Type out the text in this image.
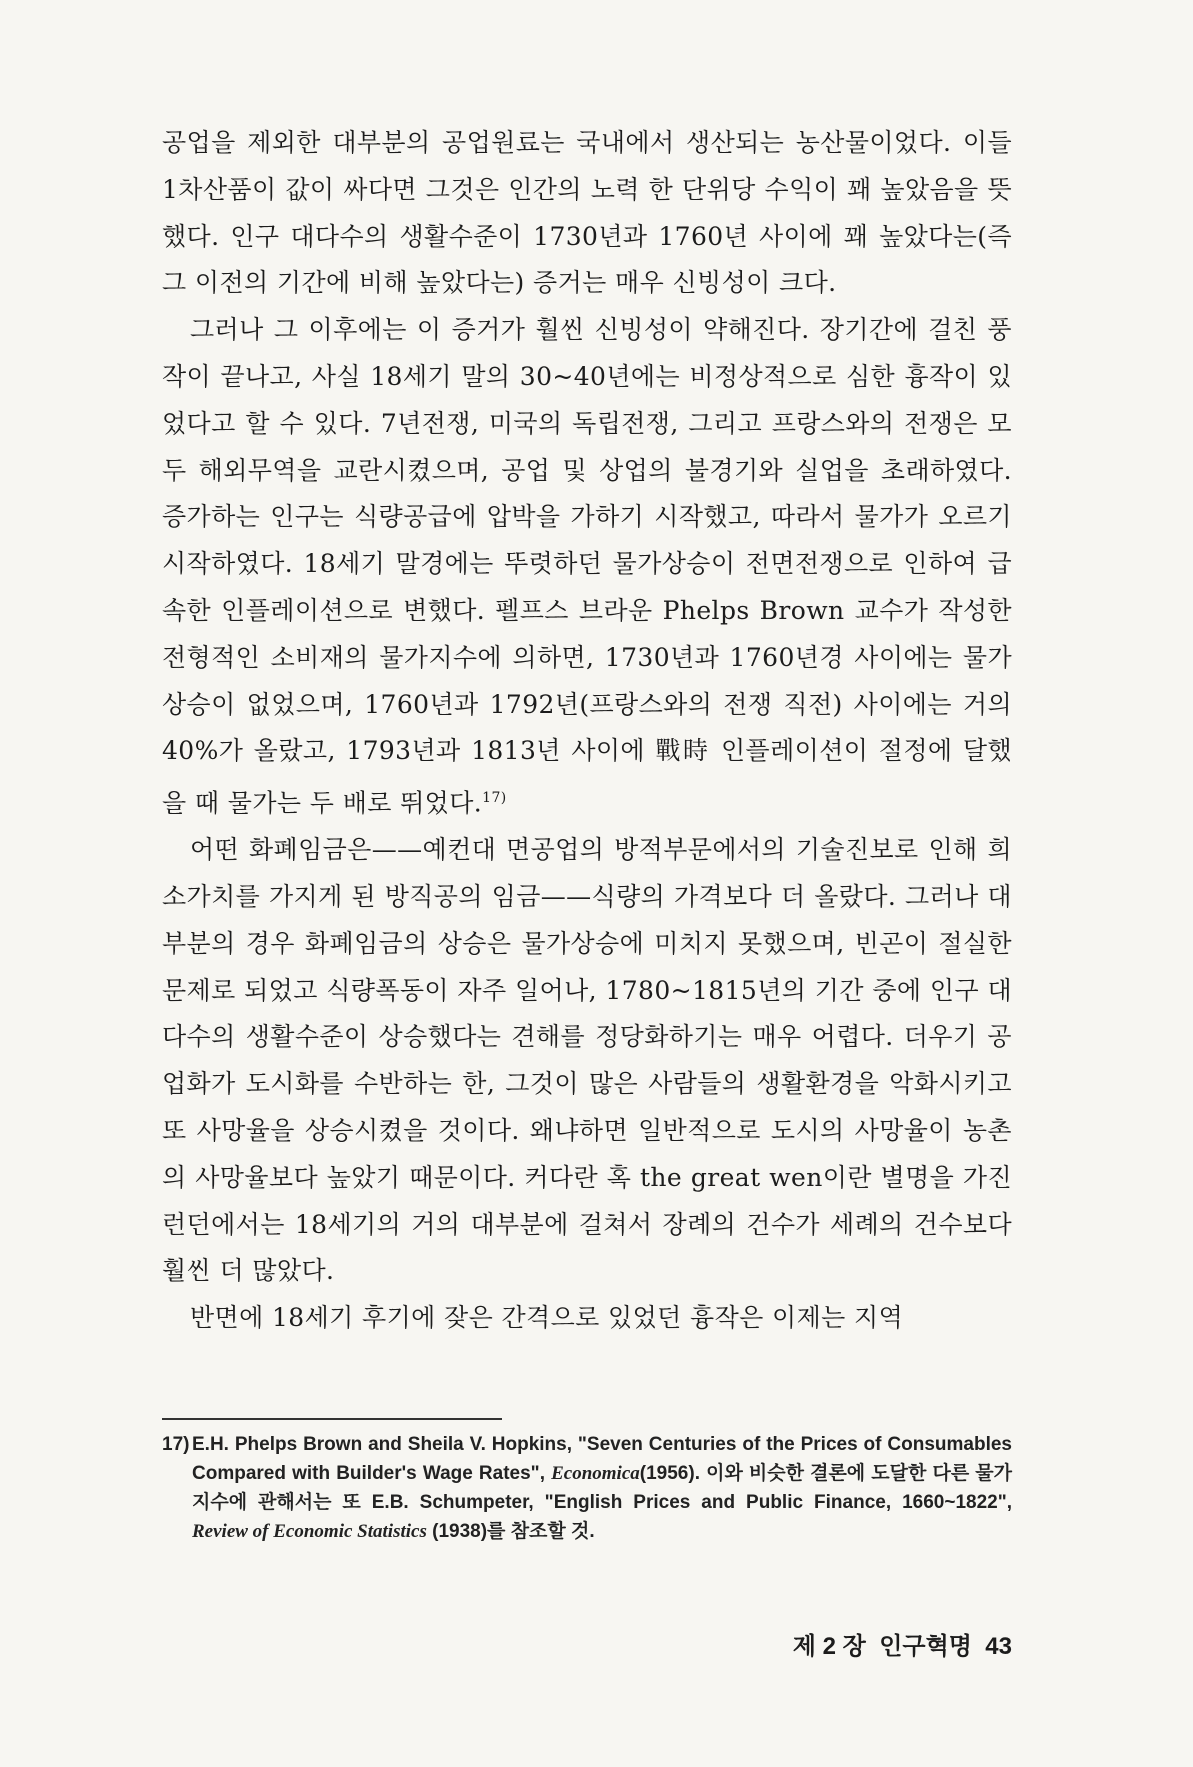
공업을 제외한 대부분의 공업원료는 국내에서 생산되는 농산물이었다. 이들 1차산품이 값이 싸다면 그것은 인간의 노력 한 단위당 수익이 꽤 높았음을 뜻했다. 인구 대다수의 생활수준이 1730년과 1760년 사이에 꽤 높았다는(즉 그 이전의 기간에 비해 높았다는) 증거는 매우 신빙성이 크다.

그러나 그 이후에는 이 증거가 훨씬 신빙성이 약해진다. 장기간에 걸친 풍작이 끝나고, 사실 18세기 말의 30~40년에는 비정상적으로 심한 흉작이 있었다고 할 수 있다. 7년전쟁, 미국의 독립전쟁, 그리고 프랑스와의 전쟁은 모두 해외무역을 교란시켰으며, 공업 및 상업의 불경기와 실업을 초래하였다. 증가하는 인구는 식량공급에 압박을 가하기 시작했고, 따라서 물가가 오르기 시작하였다. 18세기 말경에는 뚜렷하던 물가상승이 전면전쟁으로 인하여 급속한 인플레이션으로 변했다. 펠프스 브라운 Phelps Brown 교수가 작성한 전형적인 소비재의 물가지수에 의하면, 1730년과 1760년경 사이에는 물가상승이 없었으며, 1760년과 1792년(프랑스와의 전쟁 직전) 사이에는 거의 40%가 올랐고, 1793년과 1813년 사이에 戰時 인플레이션이 절정에 달했을 때 물가는 두 배로 뛰었다.$^{17)}$

어떤 화폐임금은——예컨대 면공업의 방적부문에서의 기술진보로 인해 희소가치를 가지게 된 방직공의 임금——식량의 가격보다 더 올랐다. 그러나 대부분의 경우 화폐임금의 상승은 물가상승에 미치지 못했으며, 빈곤이 절실한 문제로 되었고 식량폭동이 자주 일어나, 1780~1815년의 기간 중에 인구 대다수의 생활수준이 상승했다는 견해를 정당화하기는 매우 어렵다. 더우기 공업화가 도시화를 수반하는 한, 그것이 많은 사람들의 생활환경을 악화시키고 또 사망율을 상승시켰을 것이다. 왜냐하면 일반적으로 도시의 사망율이 농촌의 사망율보다 높았기 때문이다. 커다란 혹 the great wen이란 별명을 가진 런던에서는 18세기의 거의 대부분에 걸쳐서 장례의 건수가 세례의 건수보다 훨씬 더 많았다.

반면에 18세기 후기에 잦은 간격으로 있었던 흉작은 이제는 지역

17) E.H. Phelps Brown and Sheila V. Hopkins, "Seven Centuries of the Prices of Consumables Compared with Builder's Wage Rates", Economica(1956). 이와 비슷한 결론에 도달한 다른 물가지수에 관해서는 또 E.B. Schumpeter, "English Prices and Public Finance, 1660~1822", Review of Economic Statistics (1938)를 참조할 것.
제 2 장 인구혁명 43
